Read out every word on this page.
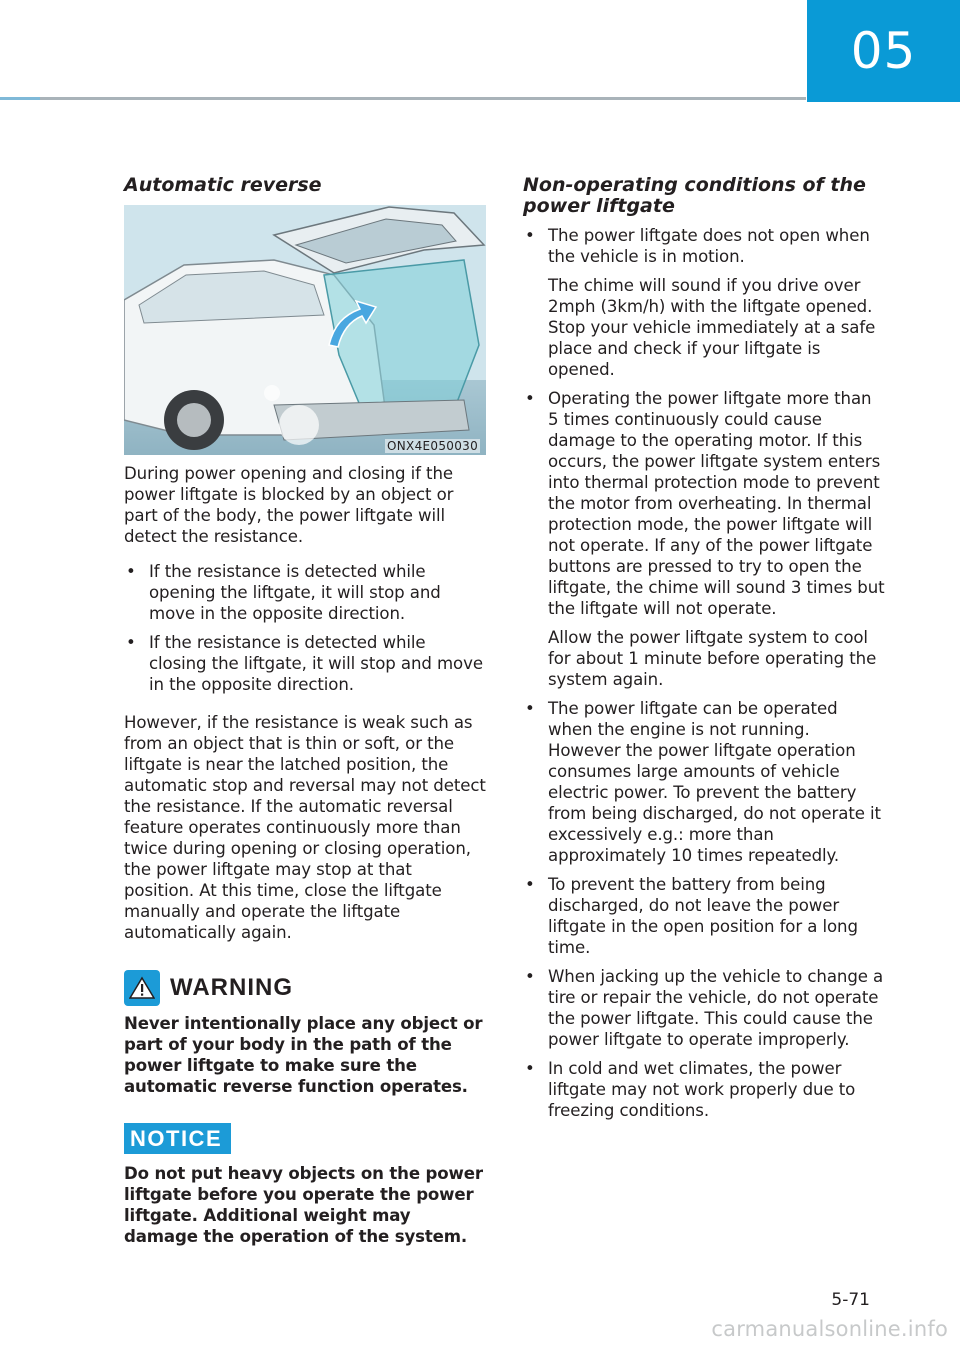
05
Automatic reverse
ONX4E050030

During power opening and closing if the power liftgate is blocked by an object or part of the body, the power liftgate will detect the resistance.

• If the resistance is detected while opening the liftgate, it will stop and move in the opposite direction.

• If the resistance is detected while closing the liftgate, it will stop and move in the opposite direction.

However, if the resistance is weak such as from an object that is thin or soft, or the liftgate is near the latched position, the automatic stop and reversal may not detect the resistance. If the automatic reversal feature operates continuously more than twice during opening or closing operation, the power liftgate may stop at that position. At this time, close the liftgate manually and operate the liftgate automatically again.

WARNING

Never intentionally place any object or part of your body in the path of the power liftgate to make sure the automatic reverse function operates.

NOTICE

Do not put heavy objects on the power liftgate before you operate the power liftgate. Additional weight may damage the operation of the system.

Non-operating conditions of the power liftgate
• The power liftgate does not open when the vehicle is in motion.

The chime will sound if you drive over 2mph (3km/h) with the liftgate opened. Stop your vehicle immediately at a safe place and check if your liftgate is opened.

• Operating the power liftgate more than 5 times continuously could cause damage to the operating motor. If this occurs, the power liftgate system enters into thermal protection mode to prevent the motor from overheating. In thermal protection mode, the power liftgate will not operate. If any of the power liftgate buttons are pressed to try to open the liftgate, the chime will sound 3 times but the liftgate will not operate.

Allow the power liftgate system to cool for about 1 minute before operating the system again.

• The power liftgate can be operated when the engine is not running. However the power liftgate operation consumes large amounts of vehicle electric power. To prevent the battery from being discharged, do not operate it excessively e.g.: more than approximately 10 times repeatedly.

• To prevent the battery from being discharged, do not leave the power liftgate in the open position for a long time.

• When jacking up the vehicle to change a tire or repair the vehicle, do not operate the power liftgate. This could cause the power liftgate to operate improperly.

• In cold and wet climates, the power liftgate may not work properly due to freezing conditions.

5-71
carmanualsonline.info
